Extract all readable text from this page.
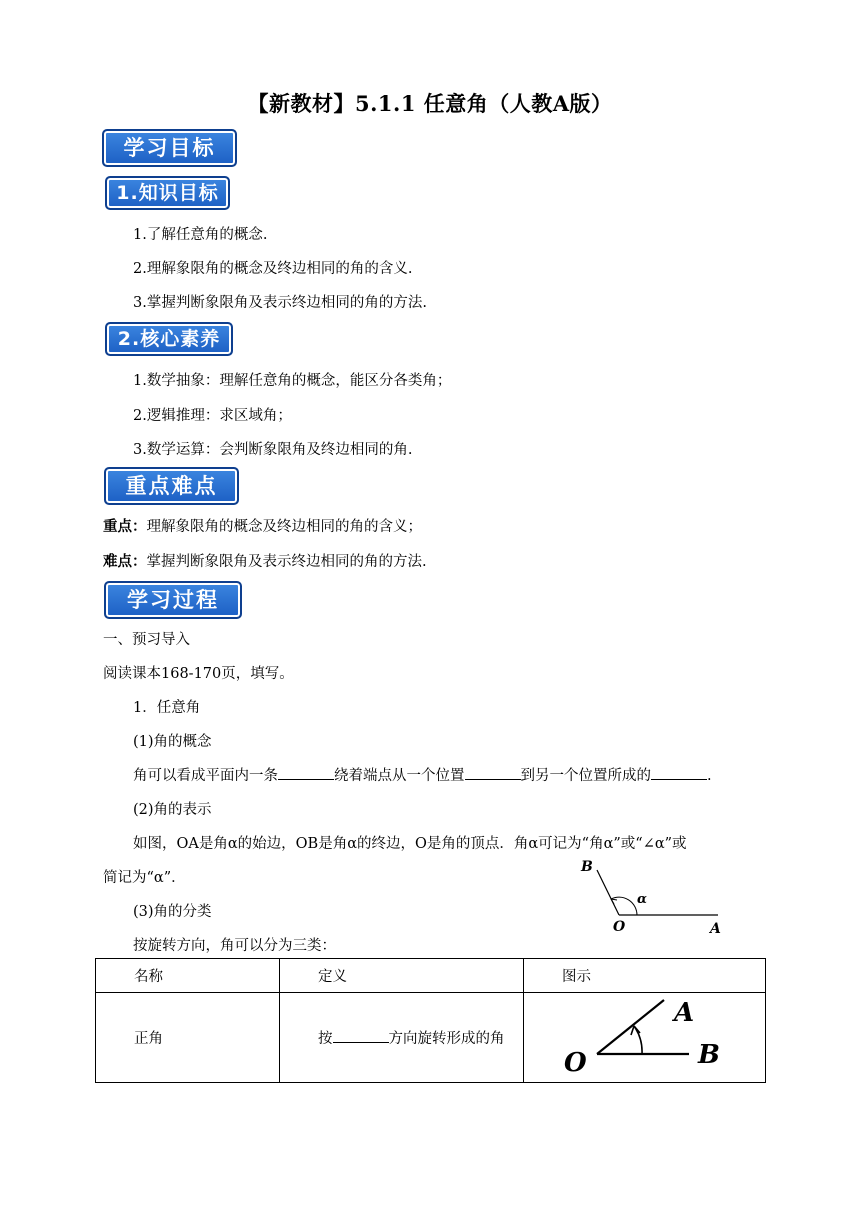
【新教材】5.1.1 任意角（人教A版）
学习目标
1.知识目标
1.了解任意角的概念.
2.理解象限角的概念及终边相同的角的含义.
3.掌握判断象限角及表示终边相同的角的方法.
2.核心素养
1.数学抽象：理解任意角的概念，能区分各类角；
2.逻辑推理：求区域角；
3.数学运算：会判断象限角及终边相同的角.
重点难点
重点：理解象限角的概念及终边相同的角的含义；
难点：掌握判断象限角及表示终边相同的角的方法.
学习过程
一、预习导入
阅读课本168-170页，填写。
1．任意角
(1)角的概念
角可以看成平面内一条	绕着端点从一个位置	到另一个位置所成的	.
(2)角的表示
如图，OA是角α的始边，OB是角α的终边，O是角的顶点．角α可记为“角α”或“∠α”或
简记为“α”．
(3)角的分类
按旋转方向，角可以分为三类：
B
α
O	A
名称	定义	图示
正角	按 方向旋转形成的角	O
A
B
